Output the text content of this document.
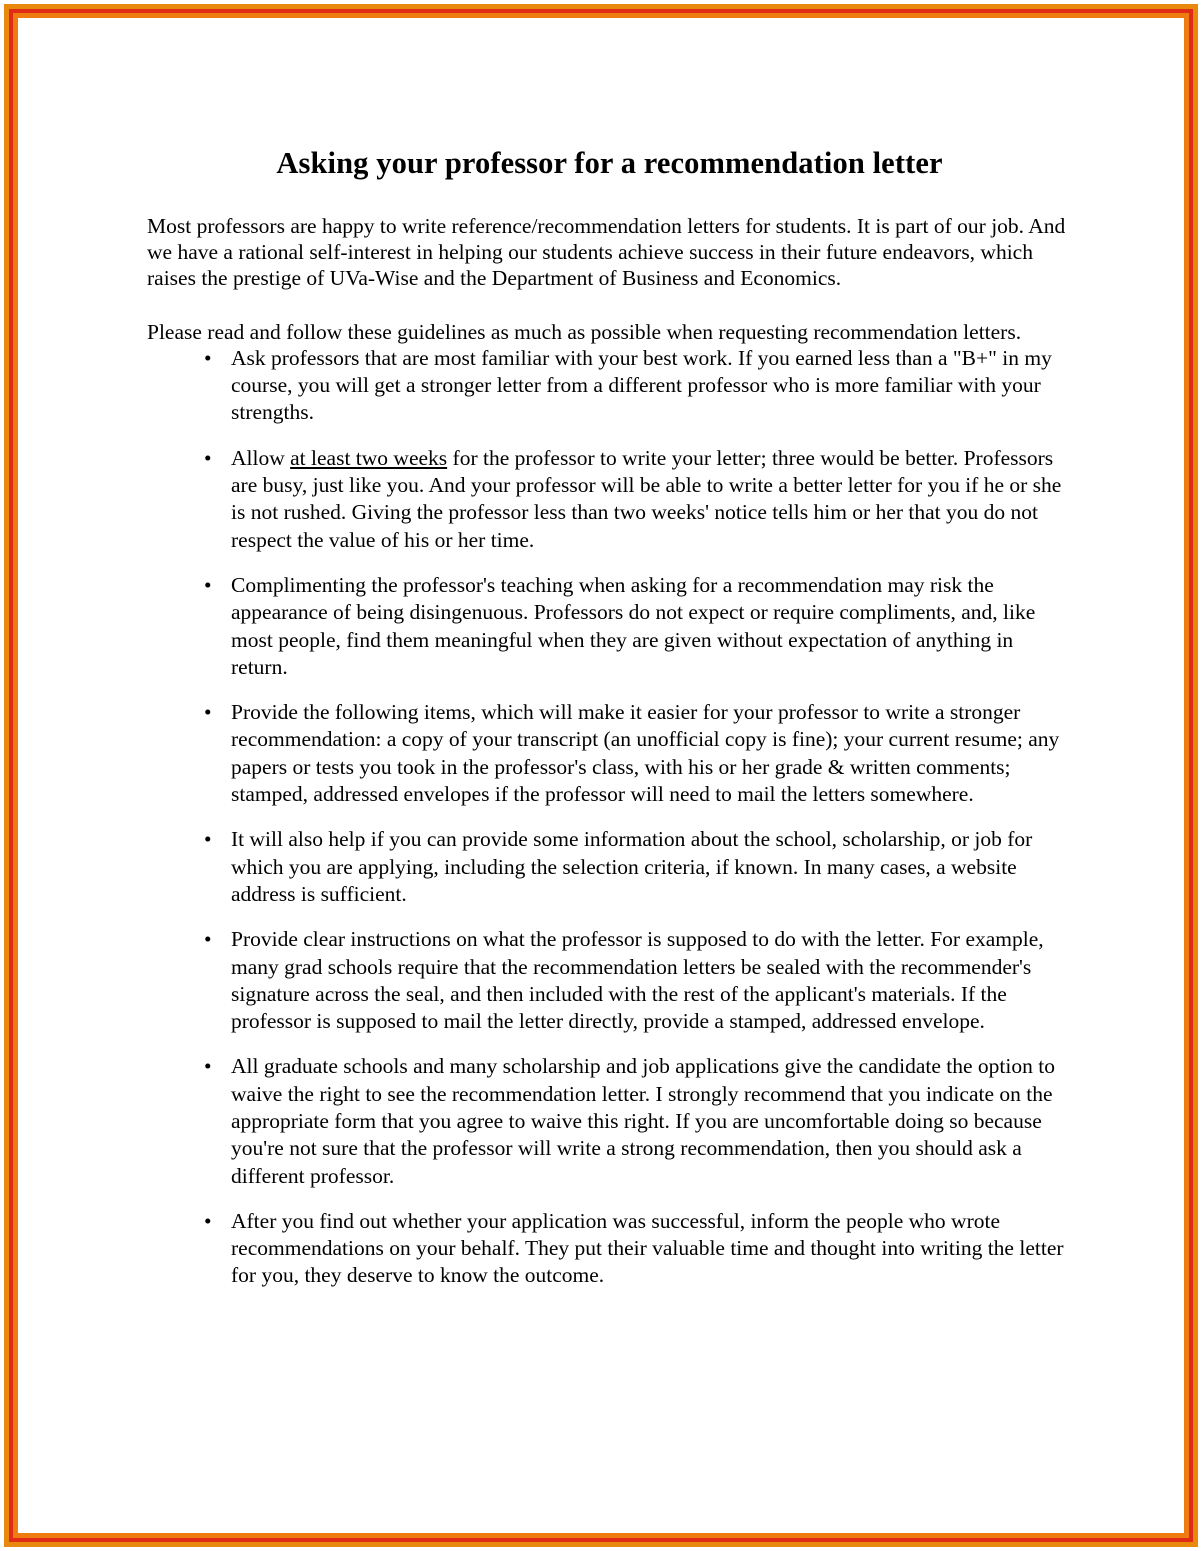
Asking your professor for a recommendation letter

Most professors are happy to write reference/recommendation letters for students. It is part of our job. And we have a rational self-interest in helping our students achieve success in their future endeavors, which raises the prestige of UVa-Wise and the Department of Business and Economics.

Please read and follow these guidelines as much as possible when requesting recommendation letters.

• Ask professors that are most familiar with your best work. If you earned less than a "B+" in my course, you will get a stronger letter from a different professor who is more familiar with your strengths.
• Allow at least two weeks for the professor to write your letter; three would be better. Professors are busy, just like you. And your professor will be able to write a better letter for you if he or she is not rushed. Giving the professor less than two weeks' notice tells him or her that you do not respect the value of his or her time.
• Complimenting the professor's teaching when asking for a recommendation may risk the appearance of being disingenuous. Professors do not expect or require compliments, and, like most people, find them meaningful when they are given without expectation of anything in return.
• Provide the following items, which will make it easier for your professor to write a stronger recommendation: a copy of your transcript (an unofficial copy is fine); your current resume; any papers or tests you took in the professor's class, with his or her grade & written comments; stamped, addressed envelopes if the professor will need to mail the letters somewhere.
• It will also help if you can provide some information about the school, scholarship, or job for which you are applying, including the selection criteria, if known. In many cases, a website address is sufficient.
• Provide clear instructions on what the professor is supposed to do with the letter. For example, many grad schools require that the recommendation letters be sealed with the recommender's signature across the seal, and then included with the rest of the applicant's materials. If the professor is supposed to mail the letter directly, provide a stamped, addressed envelope.
• All graduate schools and many scholarship and job applications give the candidate the option to waive the right to see the recommendation letter. I strongly recommend that you indicate on the appropriate form that you agree to waive this right. If you are uncomfortable doing so because you're not sure that the professor will write a strong recommendation, then you should ask a different professor.
• After you find out whether your application was successful, inform the people who wrote recommendations on your behalf. They put their valuable time and thought into writing the letter for you, they deserve to know the outcome.
